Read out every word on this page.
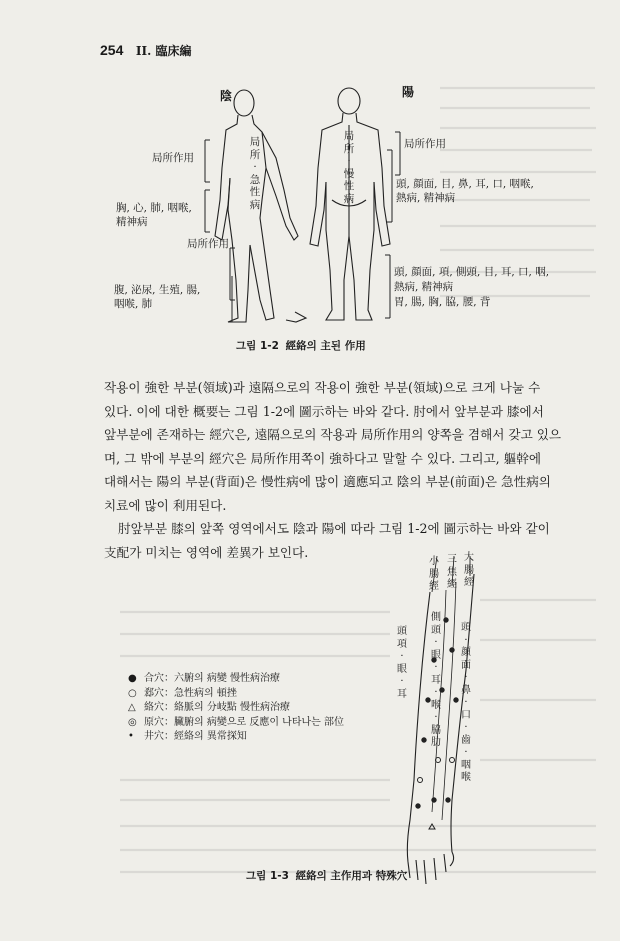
254 II. 臨床編
陰	陽
局所·急性病
局所·慢性病
局所作用
胸, 心, 肺, 咽喉,
精神病
局所作用
腹, 泌尿, 生殖, 腸,
咽喉, 肺
局所作用
頭, 顔面, 目, 鼻, 耳, 口, 咽喉,
熱病, 精神病
頭, 顔面, 項, 側頭, 目, 耳, 口, 咽,
熱病, 精神病
胃, 腸, 胸, 脇, 腰, 背
그림 1-2 經絡의 主된 作用

작용이 強한 부분(領域)과 遠隔으로의 작용이 強한 부분(領域)으로 크게 나눌 수
있다. 이에 대한 概要는 그림 1-2에 圖示하는 바와 같다. 肘에서 앞부분과 膝에서
앞부분에 존재하는 經穴은, 遠隔으로의 작용과 局所作用의 양쪽을 겸해서 갖고 있으
며, 그 밖에 부분의 經穴은 局所作用쪽이 強하다고 말할 수 있다. 그리고, 軀幹에
대해서는 陽의 부분(背面)은 慢性病에 많이 適應되고 陰의 부분(前面)은 急性病의
치료에 많이 利用된다.

肘앞부분 膝의 앞쪽 영역에서도 陰과 陽에 따라 그림 1-2에 圖示하는 바와 같이
支配가 미치는 영역에 差異가 보인다.

小腸經
三焦經
大腸經
頭項·眼·耳
側頭·眼·耳·喉·脇肋
頭·顔面·鼻·口·齒·咽喉
● 合穴 ： 六腑의 病變 慢性病治療
○ 郄穴 ： 急性病의 頓挫
△ 絡穴 ： 絡脈의 分岐點 慢性病治療
◎ 原穴 ： 臟腑의 病變으로 反應이 나타나는 部位
•	井穴 ： 經絡의 異常探知
그림 1-3 經絡의 主作用과 特殊穴
